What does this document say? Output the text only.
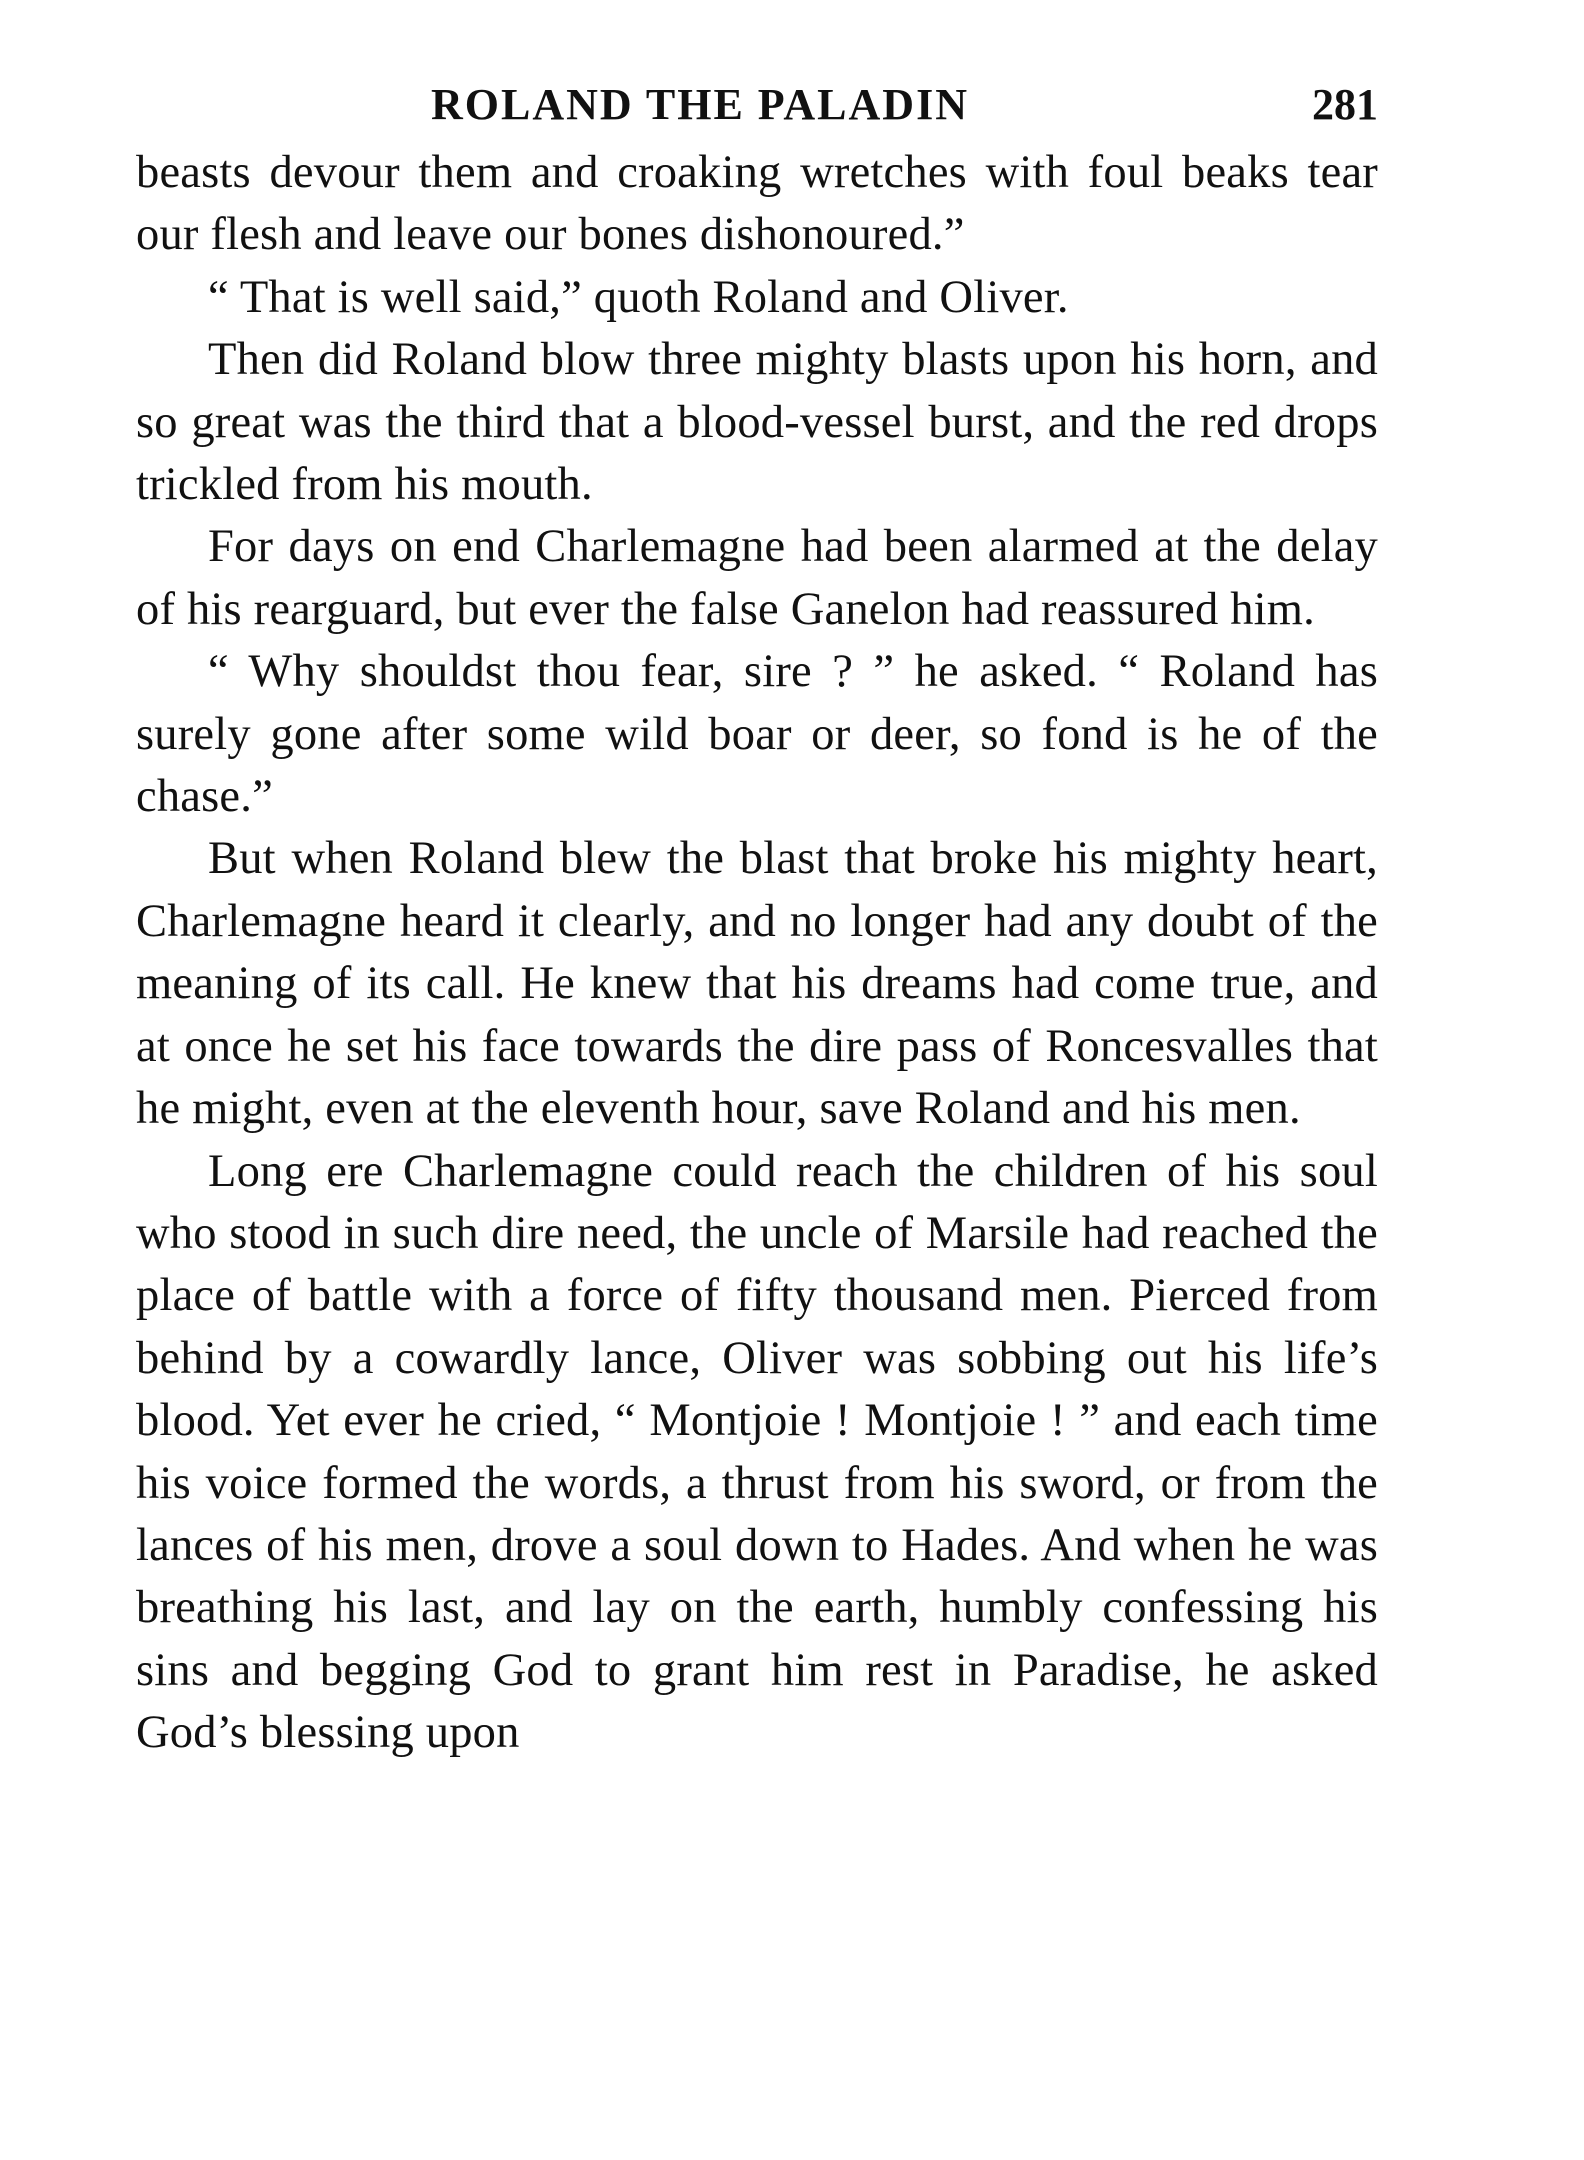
ROLAND THE PALADIN	281

beasts devour them and croaking wretches with foul beaks tear our flesh and leave our bones dishonoured.”

“ That is well said,” quoth Roland and Oliver.

Then did Roland blow three mighty blasts upon his horn, and so great was the third that a blood-vessel burst, and the red drops trickled from his mouth.

For days on end Charlemagne had been alarmed at the delay of his rearguard, but ever the false Ganelon had reassured him.

“ Why shouldst thou fear, sire ? ” he asked. “ Roland has surely gone after some wild boar or deer, so fond is he of the chase.”

But when Roland blew the blast that broke his mighty heart, Charlemagne heard it clearly, and no longer had any doubt of the meaning of its call. He knew that his dreams had come true, and at once he set his face towards the dire pass of Roncesvalles that he might, even at the eleventh hour, save Roland and his men.

Long ere Charlemagne could reach the children of his soul who stood in such dire need, the uncle of Marsile had reached the place of battle with a force of fifty thousand men. Pierced from behind by a cowardly lance, Oliver was sobbing out his life’s blood. Yet ever he cried, “ Montjoie ! Montjoie ! ” and each time his voice formed the words, a thrust from his sword, or from the lances of his men, drove a soul down to Hades. And when he was breathing his last, and lay on the earth, humbly confessing his sins and begging God to grant him rest in Paradise, he asked God’s blessing upon
